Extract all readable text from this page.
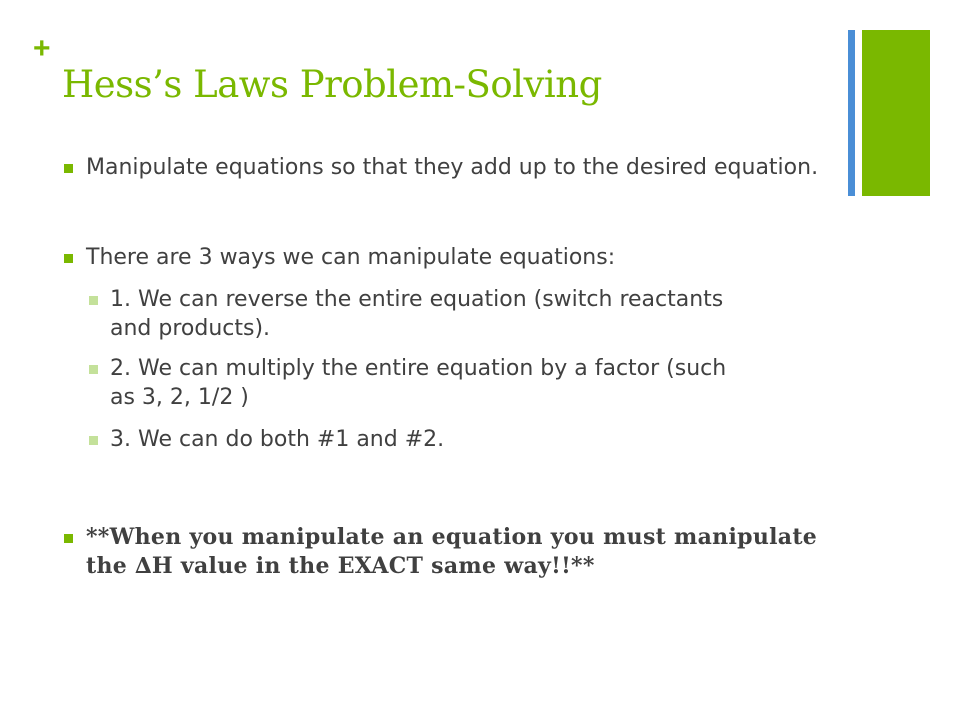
+
Hess’s Laws Problem-Solving
Manipulate equations so that they add up to the desired equation.
There are 3 ways we can manipulate equations:
1. We can reverse the entire equation (switch reactants and products).
2. We can multiply the entire equation by a factor (such as 3, 2, 1/2 )
3. We can do both #1 and #2.
**When you manipulate an equation you must manipulate the ∆H value in the EXACT same way!!**
